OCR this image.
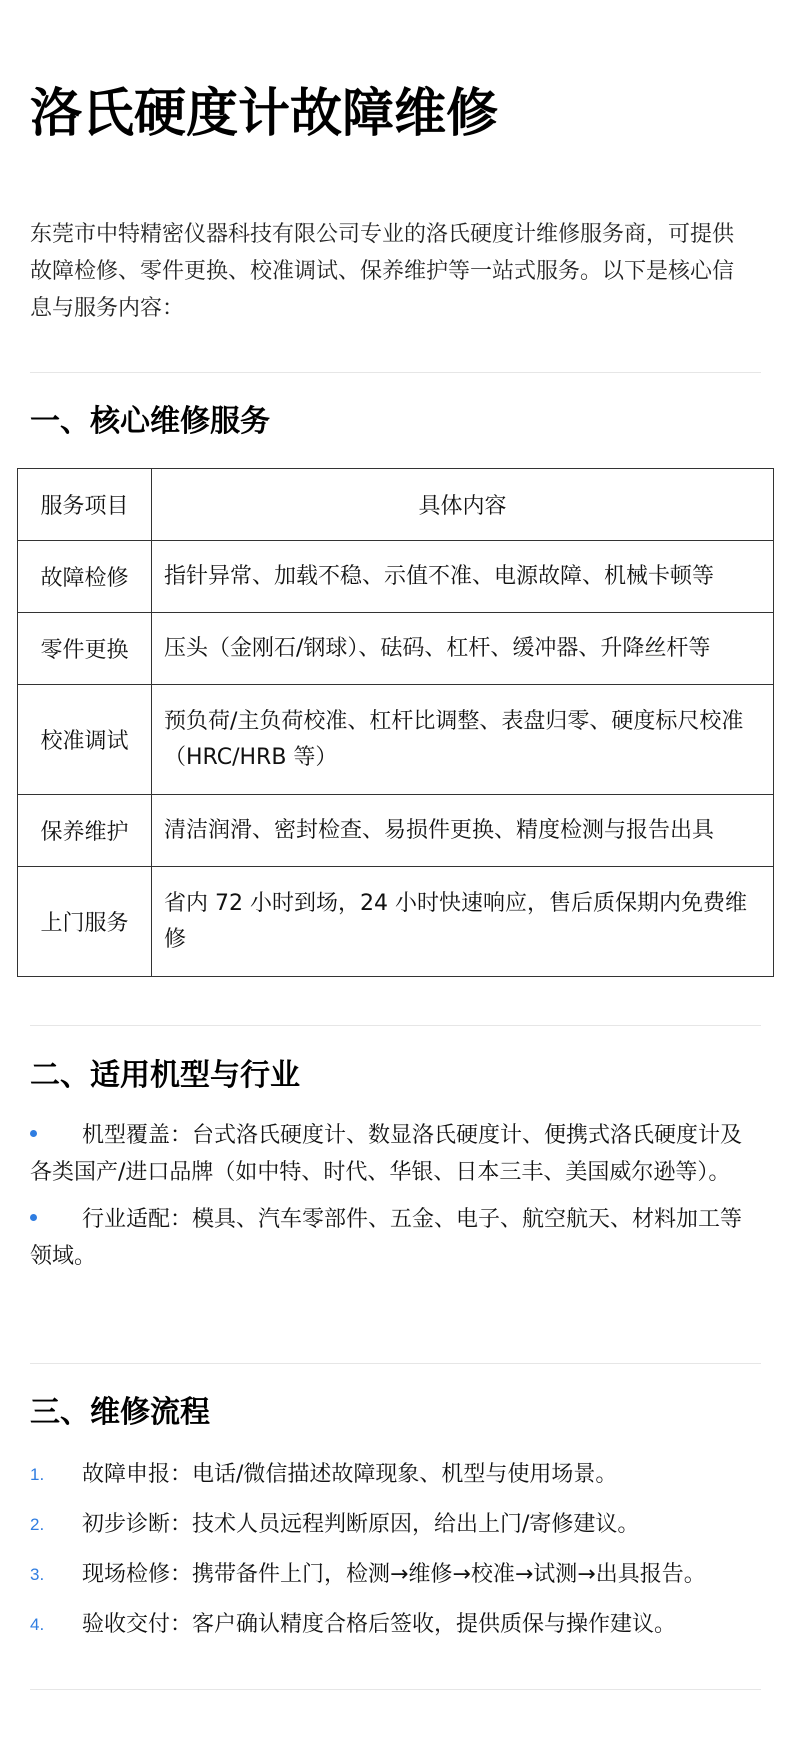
洛氏硬度计故障维修

东莞市中特精密仪器科技有限公司专业的洛氏硬度计维修服务商，可提供故障检修、零件更换、校准调试、保养维护等一站式服务。以下是核心信息与服务内容：

一、核心维修服务
服务项目	具体内容
故障检修	指针异常、加载不稳、示值不准、电源故障、机械卡顿等
零件更换	压头（金刚石/钢球）、砝码、杠杆、缓冲器、升降丝杆等
校准调试	预负荷/主负荷校准、杠杆比调整、表盘归零、硬度标尺校准（HRC/HRB 等）
保养维护	清洁润滑、密封检查、易损件更换、精度检测与报告出具
上门服务	省内 72 小时到场，24 小时快速响应，售后质保期内免费维修
二、适用机型与行业
机型覆盖：台式洛氏硬度计、数显洛氏硬度计、便携式洛氏硬度计及各类国产/进口品牌（如中特、时代、华银、日本三丰、美国威尔逊等）。
行业适配：模具、汽车零部件、五金、电子、航空航天、材料加工等领域。
三、维修流程
1. 故障申报：电话/微信描述故障现象、机型与使用场景。
2. 初步诊断：技术人员远程判断原因，给出上门/寄修建议。
3. 现场检修：携带备件上门，检测→维修→校准→试测→出具报告。
4. 验收交付：客户确认精度合格后签收，提供质保与操作建议。
